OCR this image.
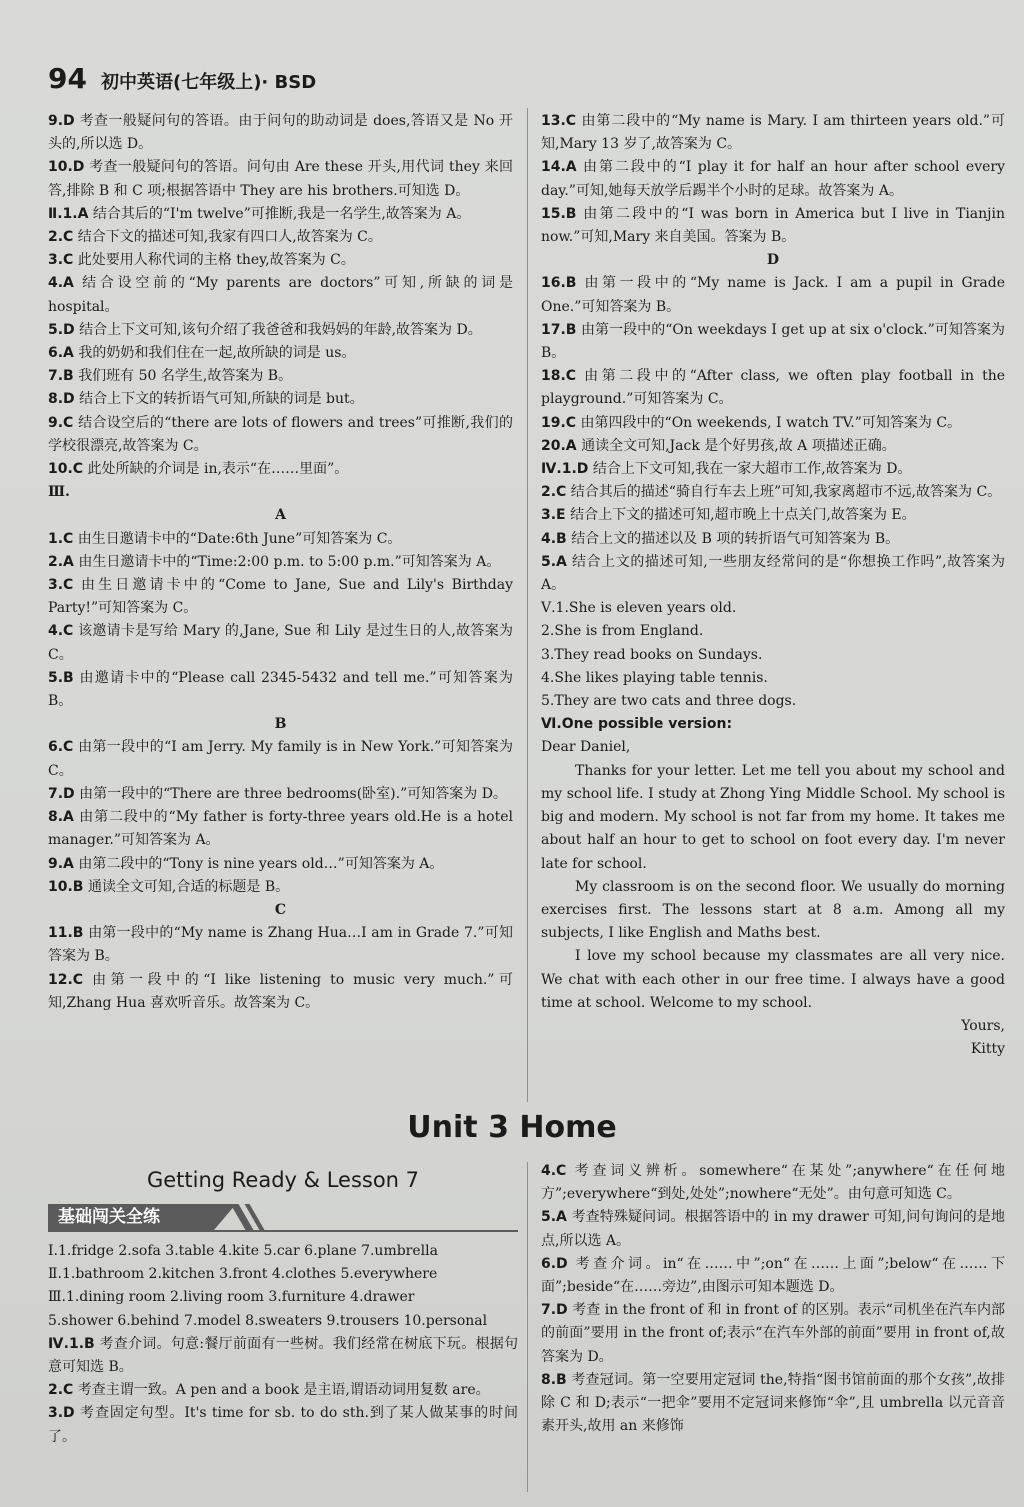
94 初中英语(七年级上)· BSD

9.D 考查一般疑问句的答语。由于问句的助动词是 does,答语又是 No 开头的,所以选 D。

10.D 考查一般疑问句的答语。问句由 Are these 开头,用代词 they 来回答,排除 B 和 C 项;根据答语中 They are his brothers.可知选 D。

Ⅱ.1.A 结合其后的“I'm twelve”可推断,我是一名学生,故答案为 A。

2.C 结合下文的描述可知,我家有四口人,故答案为 C。

3.C 此处要用人称代词的主格 they,故答案为 C。

4.A 结合设空前的“My parents are doctors”可知,所缺的词是 hospital。

5.D 结合上下文可知,该句介绍了我爸爸和我妈妈的年龄,故答案为 D。

6.A 我的奶奶和我们住在一起,故所缺的词是 us。

7.B 我们班有 50 名学生,故答案为 B。

8.D 结合上下文的转折语气可知,所缺的词是 but。

9.C 结合设空后的“there are lots of flowers and trees”可推断,我们的学校很漂亮,故答案为 C。

10.C 此处所缺的介词是 in,表示“在……里面”。

Ⅲ.

A

1.C 由生日邀请卡中的“Date:6th June”可知答案为 C。

2.A 由生日邀请卡中的“Time:2:00 p.m. to 5:00 p.m.”可知答案为 A。

3.C 由生日邀请卡中的“Come to Jane, Sue and Lily's Birthday Party!”可知答案为 C。

4.C 该邀请卡是写给 Mary 的,Jane, Sue 和 Lily 是过生日的人,故答案为 C。

5.B 由邀请卡中的“Please call 2345-5432 and tell me.”可知答案为 B。

B

6.C 由第一段中的“I am Jerry. My family is in New York.”可知答案为 C。

7.D 由第一段中的“There are three bedrooms(卧室).”可知答案为 D。

8.A 由第二段中的“My father is forty-three years old.He is a hotel manager.”可知答案为 A。

9.A 由第二段中的“Tony is nine years old…”可知答案为 A。

10.B 通读全文可知,合适的标题是 B。

C

11.B 由第一段中的“My name is Zhang Hua…I am in Grade 7.”可知答案为 B。

12.C 由第一段中的“I like listening to music very much.”可知,Zhang Hua 喜欢听音乐。故答案为 C。

13.C 由第二段中的“My name is Mary. I am thirteen years old.”可知,Mary 13 岁了,故答案为 C。

14.A 由第二段中的“I play it for half an hour after school every day.”可知,她每天放学后踢半个小时的足球。故答案为 A。

15.B 由第二段中的“I was born in America but I live in Tianjin now.”可知,Mary 来自美国。答案为 B。

D

16.B 由第一段中的“My name is Jack. I am a pupil in Grade One.”可知答案为 B。

17.B 由第一段中的“On weekdays I get up at six o'clock.”可知答案为 B。

18.C 由第二段中的“After class, we often play football in the playground.”可知答案为 C。

19.C 由第四段中的“On weekends, I watch TV.”可知答案为 C。

20.A 通读全文可知,Jack 是个好男孩,故 A 项描述正确。

Ⅳ.1.D 结合上下文可知,我在一家大超市工作,故答案为 D。

2.C 结合其后的描述“骑自行车去上班”可知,我家离超市不远,故答案为 C。

3.E 结合上下文的描述可知,超市晚上十点关门,故答案为 E。

4.B 结合上文的描述以及 B 项的转折语气可知答案为 B。

5.A 结合上文的描述可知,一些朋友经常问的是“你想换工作吗”,故答案为 A。

Ⅴ.1.She is eleven years old.

2.She is from England.

3.They read books on Sundays.

4.She likes playing table tennis.

5.They are two cats and three dogs.

Ⅵ.One possible version:

Dear Daniel,

Thanks for your letter. Let me tell you about my school and my school life. I study at Zhong Ying Middle School. My school is big and modern. My school is not far from my home. It takes me about half an hour to get to school on foot every day. I'm never late for school.

My classroom is on the second floor. We usually do morning exercises first. The lessons start at 8 a.m. Among all my subjects, I like English and Maths best.

I love my school because my classmates are all very nice. We chat with each other in our free time. I always have a good time at school. Welcome to my school.

Yours,

Kitty

Unit 3 Home
Getting Ready & Lesson 7
基础闯关全练

Ⅰ.1.fridge 2.sofa 3.table 4.kite 5.car 6.plane 7.umbrella

Ⅱ.1.bathroom 2.kitchen 3.front 4.clothes 5.everywhere

Ⅲ.1.dining room 2.living room 3.furniture 4.drawer

5.shower 6.behind 7.model 8.sweaters 9.trousers 10.personal

Ⅳ.1.B 考查介词。句意:餐厅前面有一些树。我们经常在树底下玩。根据句意可知选 B。

2.C 考查主谓一致。A pen and a book 是主语,谓语动词用复数 are。

3.D 考查固定句型。It's time for sb. to do sth.到了某人做某事的时间了。

4.C 考查词义辨析。somewhere“在某处”;anywhere“在任何地方”;everywhere“到处,处处”;nowhere“无处”。由句意可知选 C。

5.A 考查特殊疑问词。根据答语中的 in my drawer 可知,问句询问的是地点,所以选 A。

6.D 考查介词。in“在……中”;on“在……上面”;below“在……下面”;beside“在……旁边”,由图示可知本题选 D。

7.D 考查 in the front of 和 in front of 的区别。表示“司机坐在汽车内部的前面”要用 in the front of;表示“在汽车外部的前面”要用 in front of,故答案为 D。

8.B 考查冠词。第一空要用定冠词 the,特指“图书馆前面的那个女孩”,故排除 C 和 D;表示“一把伞”要用不定冠词来修饰“伞”,且 umbrella 以元音音素开头,故用 an 来修饰
